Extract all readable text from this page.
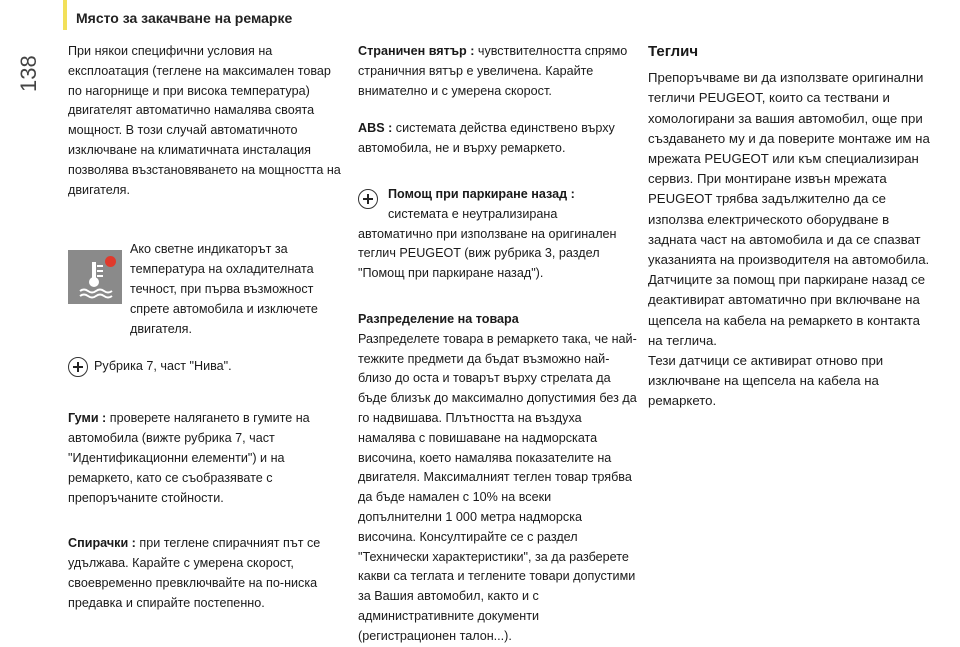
138
Място за закачване на ремарке

При някои специфични условия на експлоатация (теглене на максимален товар по нагорнище и при висока температура) двигателят автоматично намалява своята мощност. В този случай автоматичното изключване на климатичната инсталация позволява възстановяването на мощността на двигателя.

Ако светне индикаторът за температура на охладителната течност, при първа възможност спрете автомобила и изключете двигателя.

Рубрика 7, част "Нива".

Гуми : проверете налягането в гумите на автомобила (вижте рубрика 7, част "Идентификационни елементи") и на ремаркето, като се съобразявате с препоръчаните стойности.

Спирачки : при теглене спирачният път се удължава. Карайте с умерена скорост, своевременно превключвайте на по-ниска предавка и спирайте постепенно.

Страничен вятър : чувствителността спрямо страничния вятър е увеличена. Карайте внимателно и с умерена скорост.

ABS : системата действа единствено върху автомобила, не и върху ремаркето.

Помощ при паркиране назад :

системата е неутрализирана

автоматично при използване на оригинален теглич PEUGEOT (виж рубрика 3, раздел "Помощ при паркиране назад").

Разпределение на товара

Разпределете товара в ремаркето така, че най-тежките предмети да бъдат възможно най-близо до оста и товарът върху стрелата да бъде близък до максимално допустимия без да го надвишава. Плътността на въздуха намалява с повишаване на надморската височина, което намалява показателите на двигателя. Максималният теглен товар трябва да бъде намален с 10% на всеки допълнителни 1 000 метра надморска височина. Консултирайте се с раздел "Технически характеристики", за да разберете какви са теглата и теглените товари допустими за Вашия автомобил, както и с административните документи (регистрационен талон...).

Теглич

Препоръчваме ви да използвате оригинални тегличи PEUGEOT, които са тествани и хомологирани за вашия автомобил, още при създаването му и да поверите монтаже им на мрежата PEUGEOT или към специализиран сервиз. При монтиране извън мрежата PEUGEOT трябва задължително да се използва електрическото оборудване в задната част на автомобила и да се спазват указанията на производителя на автомобила.

Датчиците за помощ при паркиране назад се деактивират автоматично при включване на щепсела на кабела на ремаркето в контакта на теглича.

Тези датчици се активират отново при изключване на щепсела на кабела на ремаркето.
